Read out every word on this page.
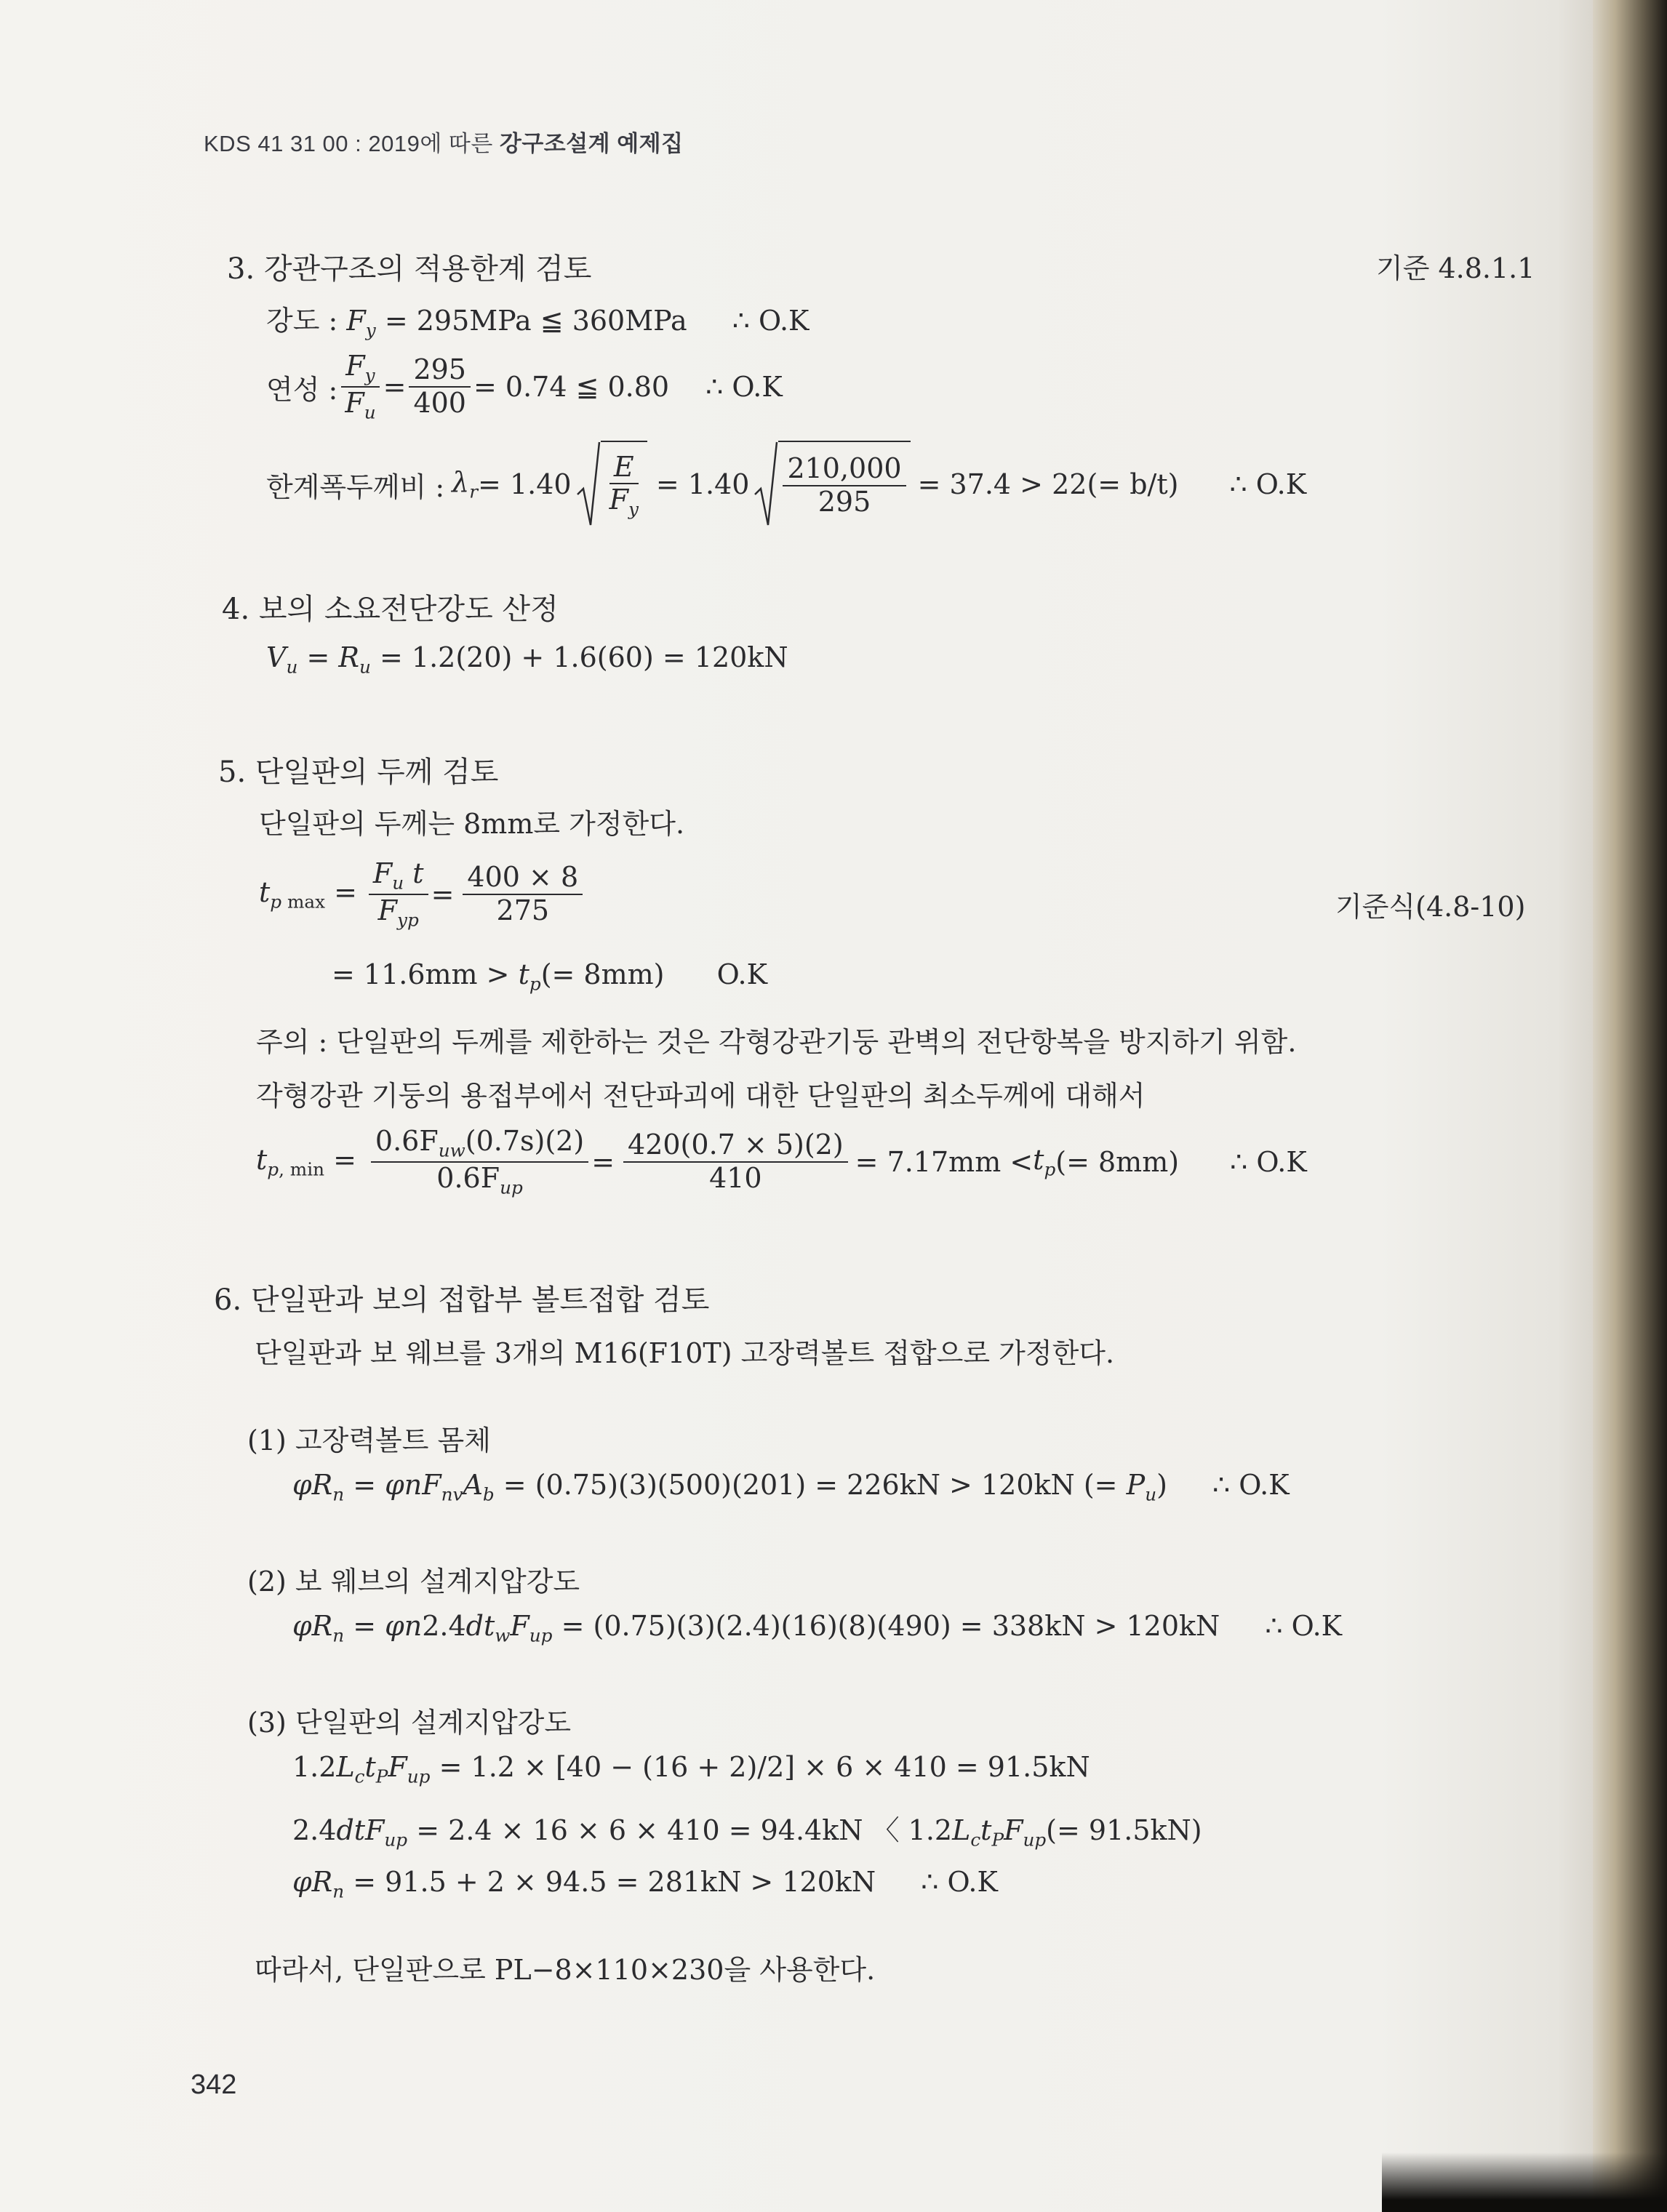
KDS 41 31 00 : 2019에 따른 강구조설계 예제집
3. 강관구조의 적용한계 검토	기준 4.8.1.1
강도 : $F_y = 295MPa$ ≦ 360MPa ∴ O.K
연성 : $\frac{F_y}{F_u} = \frac{295}{400} = 0.74$ ≦ 0.80 ∴ O.K
한계폭두께비 : $\lambda_r = 1.40 \frac{E}{F_y} = 1.40 \frac{210,000}{295} = 37.4 > 22(= b/t)$ ∴ O.K
4. 보의 소요전단강도 산정
$V_u = R_u = 1.2(20) + 1.6(60) = 120kN$
5. 단일판의 두께 검토
단일판의 두께는 8mm로 가정한다.
$t_{p max} = \frac{F_u t}{F_{yp}} = \frac{400 \times 8}{275}$	기준식(4.8-10)
= $11.6mm > t_p(= 8mm)$ O.K
주의 : 단일판의 두께를 제한하는 것은 각형강관기둥 관벽의 전단항복을 방지하기 위함.
각형강관 기둥의 용접부에서 전단파괴에 대한 단일판의 최소두께에 대해서
$t_{p, min} = \frac{0.6F_{uw}(0.7s)(2)}{0.6F_{up}} = \frac{420(0.7 \times 5)(2)}{410} = 7.17mm < t_p$ (= 8mm) ∴ O.K
6. 단일판과 보의 접합부 볼트접합 검토
단일판과 보 웨브를 3개의 M16(F10T) 고장력볼트 접합으로 가정한다.
(1) 고장력볼트 몸체
$\varphi R_n = \varphi nF_{nv}A_b = (0.75)(3)(500)(201) = 226kN > 120kN$ (= $P_u$) ∴ O.K
(2) 보 웨브의 설계지압강도
$\varphi R_n = \varphi n2.4dt_wF_{up} = (0.75)(3)(2.4)(16)(8)(490) = 338kN > 120kN$ ∴ O.K
(3) 단일판의 설계지압강도
$1.2L_ct_PF_{up} = 1.2 \times [40 - (16 + 2)/2] \times 6 \times 410 = 91.5kN$
2.4dtF$_{up}$ = 2.4 × 16 × 6 × 410 = 94.4kN 〈 $1.2L_ct_PF_{up}(= 91.5kN)$
$\varphi R_n = 91.5 + 2 \times 94.5 = 281kN > 120kN$ ∴ O.K
따라서, 단일판으로 PL−8×110×230을 사용한다.
342
